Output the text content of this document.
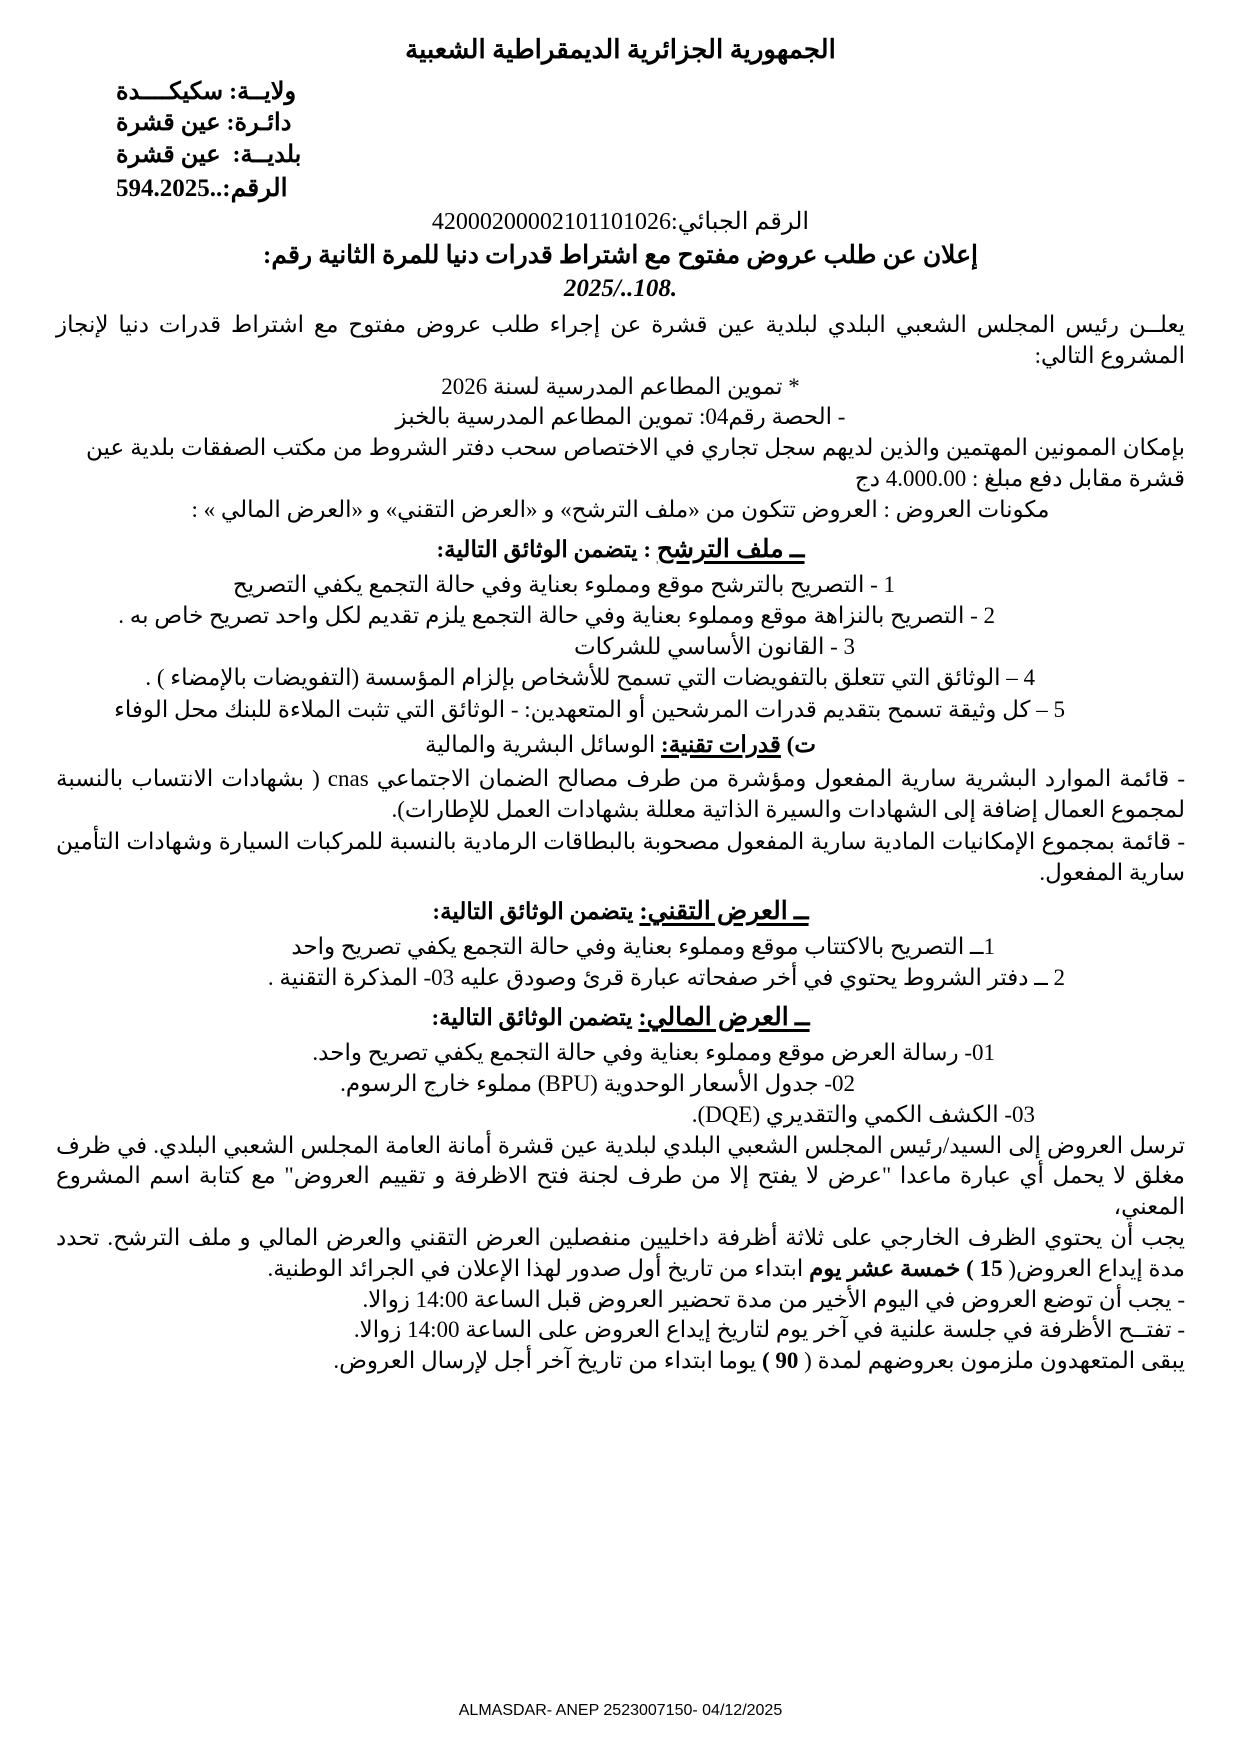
الجمهورية الجزائرية الديمقراطية الشعبية
ولايــة: سكيكــــدة
دائـرة: عين قشرة
بلديــة:  عين قشرة
الرقم:..594.2025
الرقم الجبائي:42000200002101101026
إعلان عن طلب عروض مفتوح مع اشتراط قدرات دنيا للمرة الثانية رقم:
2025/..108.
يعلــن رئيس المجلس الشعبي البلدي لبلدية عين قشرة عن إجراء طلب عروض مفتوح مع اشتراط قدرات دنيا لإنجاز المشروع التالي:
* تموين المطاعم المدرسية لسنة 2026
- الحصة رقم04: تموين المطاعم المدرسية بالخبز
بإمكان الممونين المهتمين والذين لديهم سجل تجاري في الاختصاص سحب دفتر الشروط من مكتب الصفقات بلدية عين قشرة مقابل دفع مبلغ : 4.000.00 دج
مكونات العروض : العروض تتكون من «ملف الترشح» و «العرض التقني» و «العرض المالي » :
ــ ملف الترشح : يتضمن الوثائق التالية:
1 - التصريح بالترشح موقع ومملوء بعناية وفي حالة التجمع يكفي التصريح
2 - التصريح بالنزاهة موقع ومملوء بعناية وفي حالة التجمع يلزم تقديم لكل واحد تصريح خاص به .
3 - القانون الأساسي للشركات
4 – الوثائق التي تتعلق بالتفويضات التي تسمح للأشخاص بإلزام المؤسسة (التفويضات بالإمضاء ) .
5 – كل وثيقة تسمح بتقديم قدرات المرشحين أو المتعهدين: - الوثائق التي تثبت الملاءة للبنك محل الوفاء
ت) قدرات تقنية: الوسائل البشرية والمالية
- قائمة الموارد البشرية سارية المفعول ومؤشرة من طرف مصالح الضمان الاجتماعي cnas ( بشهادات الانتساب بالنسبة لمجموع العمال إضافة إلى الشهادات والسيرة الذاتية معللة بشهادات العمل للإطارات).
- قائمة بمجموع الإمكانيات المادية سارية المفعول مصحوبة بالبطاقات الرمادية بالنسبة للمركبات السيارة وشهادات التأمين سارية المفعول.
ــ العرض التقني: يتضمن الوثائق التالية:
1ــ التصريح بالاكتتاب موقع ومملوء بعناية وفي حالة التجمع يكفي تصريح واحد
2 ــ دفتر الشروط يحتوي في أخر صفحاته عبارة قرئ وصودق عليه 03- المذكرة التقنية .
ــ العرض المالي: يتضمن الوثائق التالية:
01- رسالة العرض موقع ومملوء بعناية وفي حالة التجمع يكفي تصريح واحد.
02- جدول الأسعار الوحدوية (BPU) مملوء خارج الرسوم.
03- الكشف الكمي والتقديري (DQE).
ترسل العروض إلى السيد/رئيس المجلس الشعبي البلدي لبلدية عين قشرة أمانة العامة المجلس الشعبي البلدي. في ظرف مغلق لا يحمل أي عبارة ماعدا "عرض لا يفتح إلا من طرف لجنة فتح الاظرفة و تقييم العروض" مع كتابة اسم المشروع المعني،
يجب أن يحتوي الظرف الخارجي على ثلاثة أظرفة داخليين منفصلين العرض التقني والعرض المالي و ملف الترشح. تحدد مدة إيداع العروض( 15 ) خمسة عشر يوم ابتداء من تاريخ أول صدور لهذا الإعلان في الجرائد الوطنية.
- يجب أن توضع العروض في اليوم الأخير من مدة تحضير العروض قبل الساعة 14:00 زوالا.
- تفتــح الأظرفة في جلسة علنية في آخر يوم لتاريخ إيداع العروض على الساعة 14:00 زوالا.
يبقى المتعهدون ملزمون بعروضهم لمدة ( 90 ) يوما ابتداء من تاريخ آخر أجل لإرسال العروض.
ALMASDAR- ANEP 2523007150- 04/12/2025
